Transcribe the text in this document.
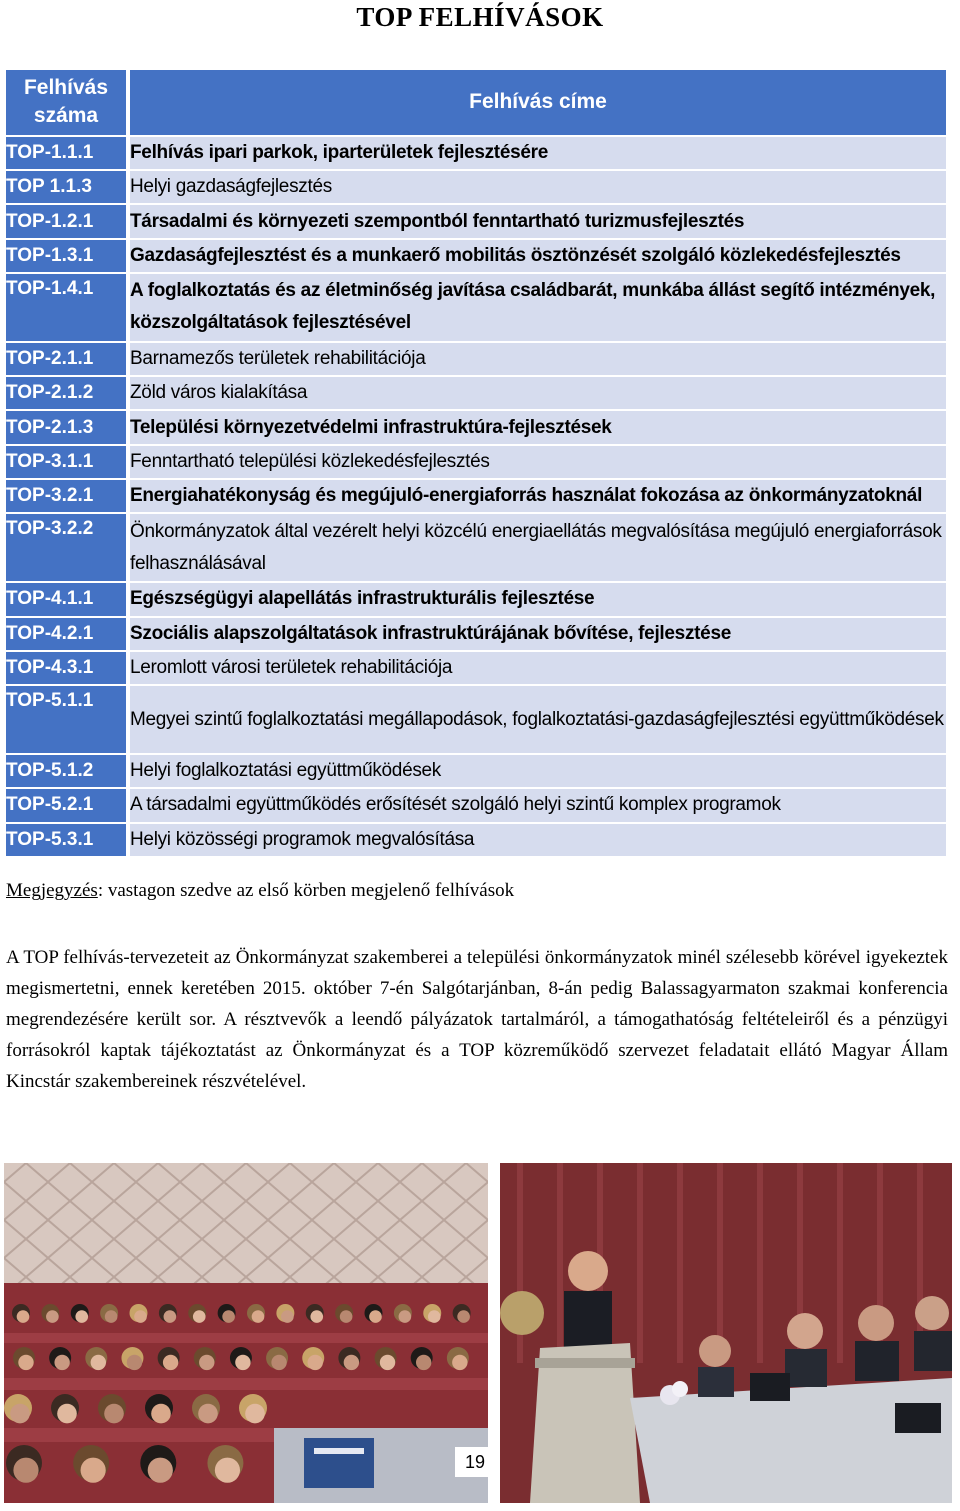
TOP FELHÍVÁSOK
Felhívás száma		Felhívás címe
TOP-1.1.1		Felhívás ipari parkok, iparterületek fejlesztésére
TOP 1.1.3		Helyi gazdaságfejlesztés
TOP-1.2.1		Társadalmi és környezeti szempontból fenntartható turizmusfejlesztés
TOP-1.3.1		Gazdaságfejlesztést és a munkaerő mobilitás ösztönzését szolgáló közlekedésfejlesztés
TOP-1.4.1		A foglalkoztatás és az életminőség javítása családbarát, munkába állást segítő intézmények, közszolgáltatások fejlesztésével
TOP-2.1.1		Barnamezős területek rehabilitációja
TOP-2.1.2		Zöld város kialakítása
TOP-2.1.3		Települési környezetvédelmi infrastruktúra-fejlesztések
TOP-3.1.1		Fenntartható települési közlekedésfejlesztés
TOP-3.2.1		Energiahatékonyság és megújuló-energiaforrás használat fokozása az önkormányzatoknál
TOP-3.2.2		Önkormányzatok által vezérelt helyi közcélú energiaellátás megvalósítása megújuló energiaforrások felhasználásával
TOP-4.1.1		Egészségügyi alapellátás infrastrukturális fejlesztése
TOP-4.2.1		Szociális alapszolgáltatások infrastruktúrájának bővítése, fejlesztése
TOP-4.3.1		Leromlott városi területek rehabilitációja
TOP-5.1.1		Megyei szintű foglalkoztatási megállapodások, foglalkoztatási-gazdaságfejlesztési együttműködések
TOP-5.1.2		Helyi foglalkoztatási együttműködések
TOP-5.2.1		A társadalmi együttműködés erősítését szolgáló helyi szintű komplex programok
TOP-5.3.1		Helyi közösségi programok megvalósítása
Megjegyzés: vastagon szedve az első körben megjelenő felhívások
A TOP felhívás-tervezeteit az Önkormányzat szakemberei a települési önkormányzatok minél szélesebb körével igyekeztek megismertetni, ennek keretében 2015. október 7-én Salgótarjánban, 8-án pedig Balassagyarmaton szakmai konferencia megrendezésére került sor. A résztvevők a leendő pályázatok tartalmáról, a támogathatóság feltételeiről és a pénzügyi forrásokról kaptak tájékoztatást az Önkormányzat és a TOP közreműködő szervezet feladatait ellátó Magyar Állam Kincstár szakembereinek részvételével.
19
